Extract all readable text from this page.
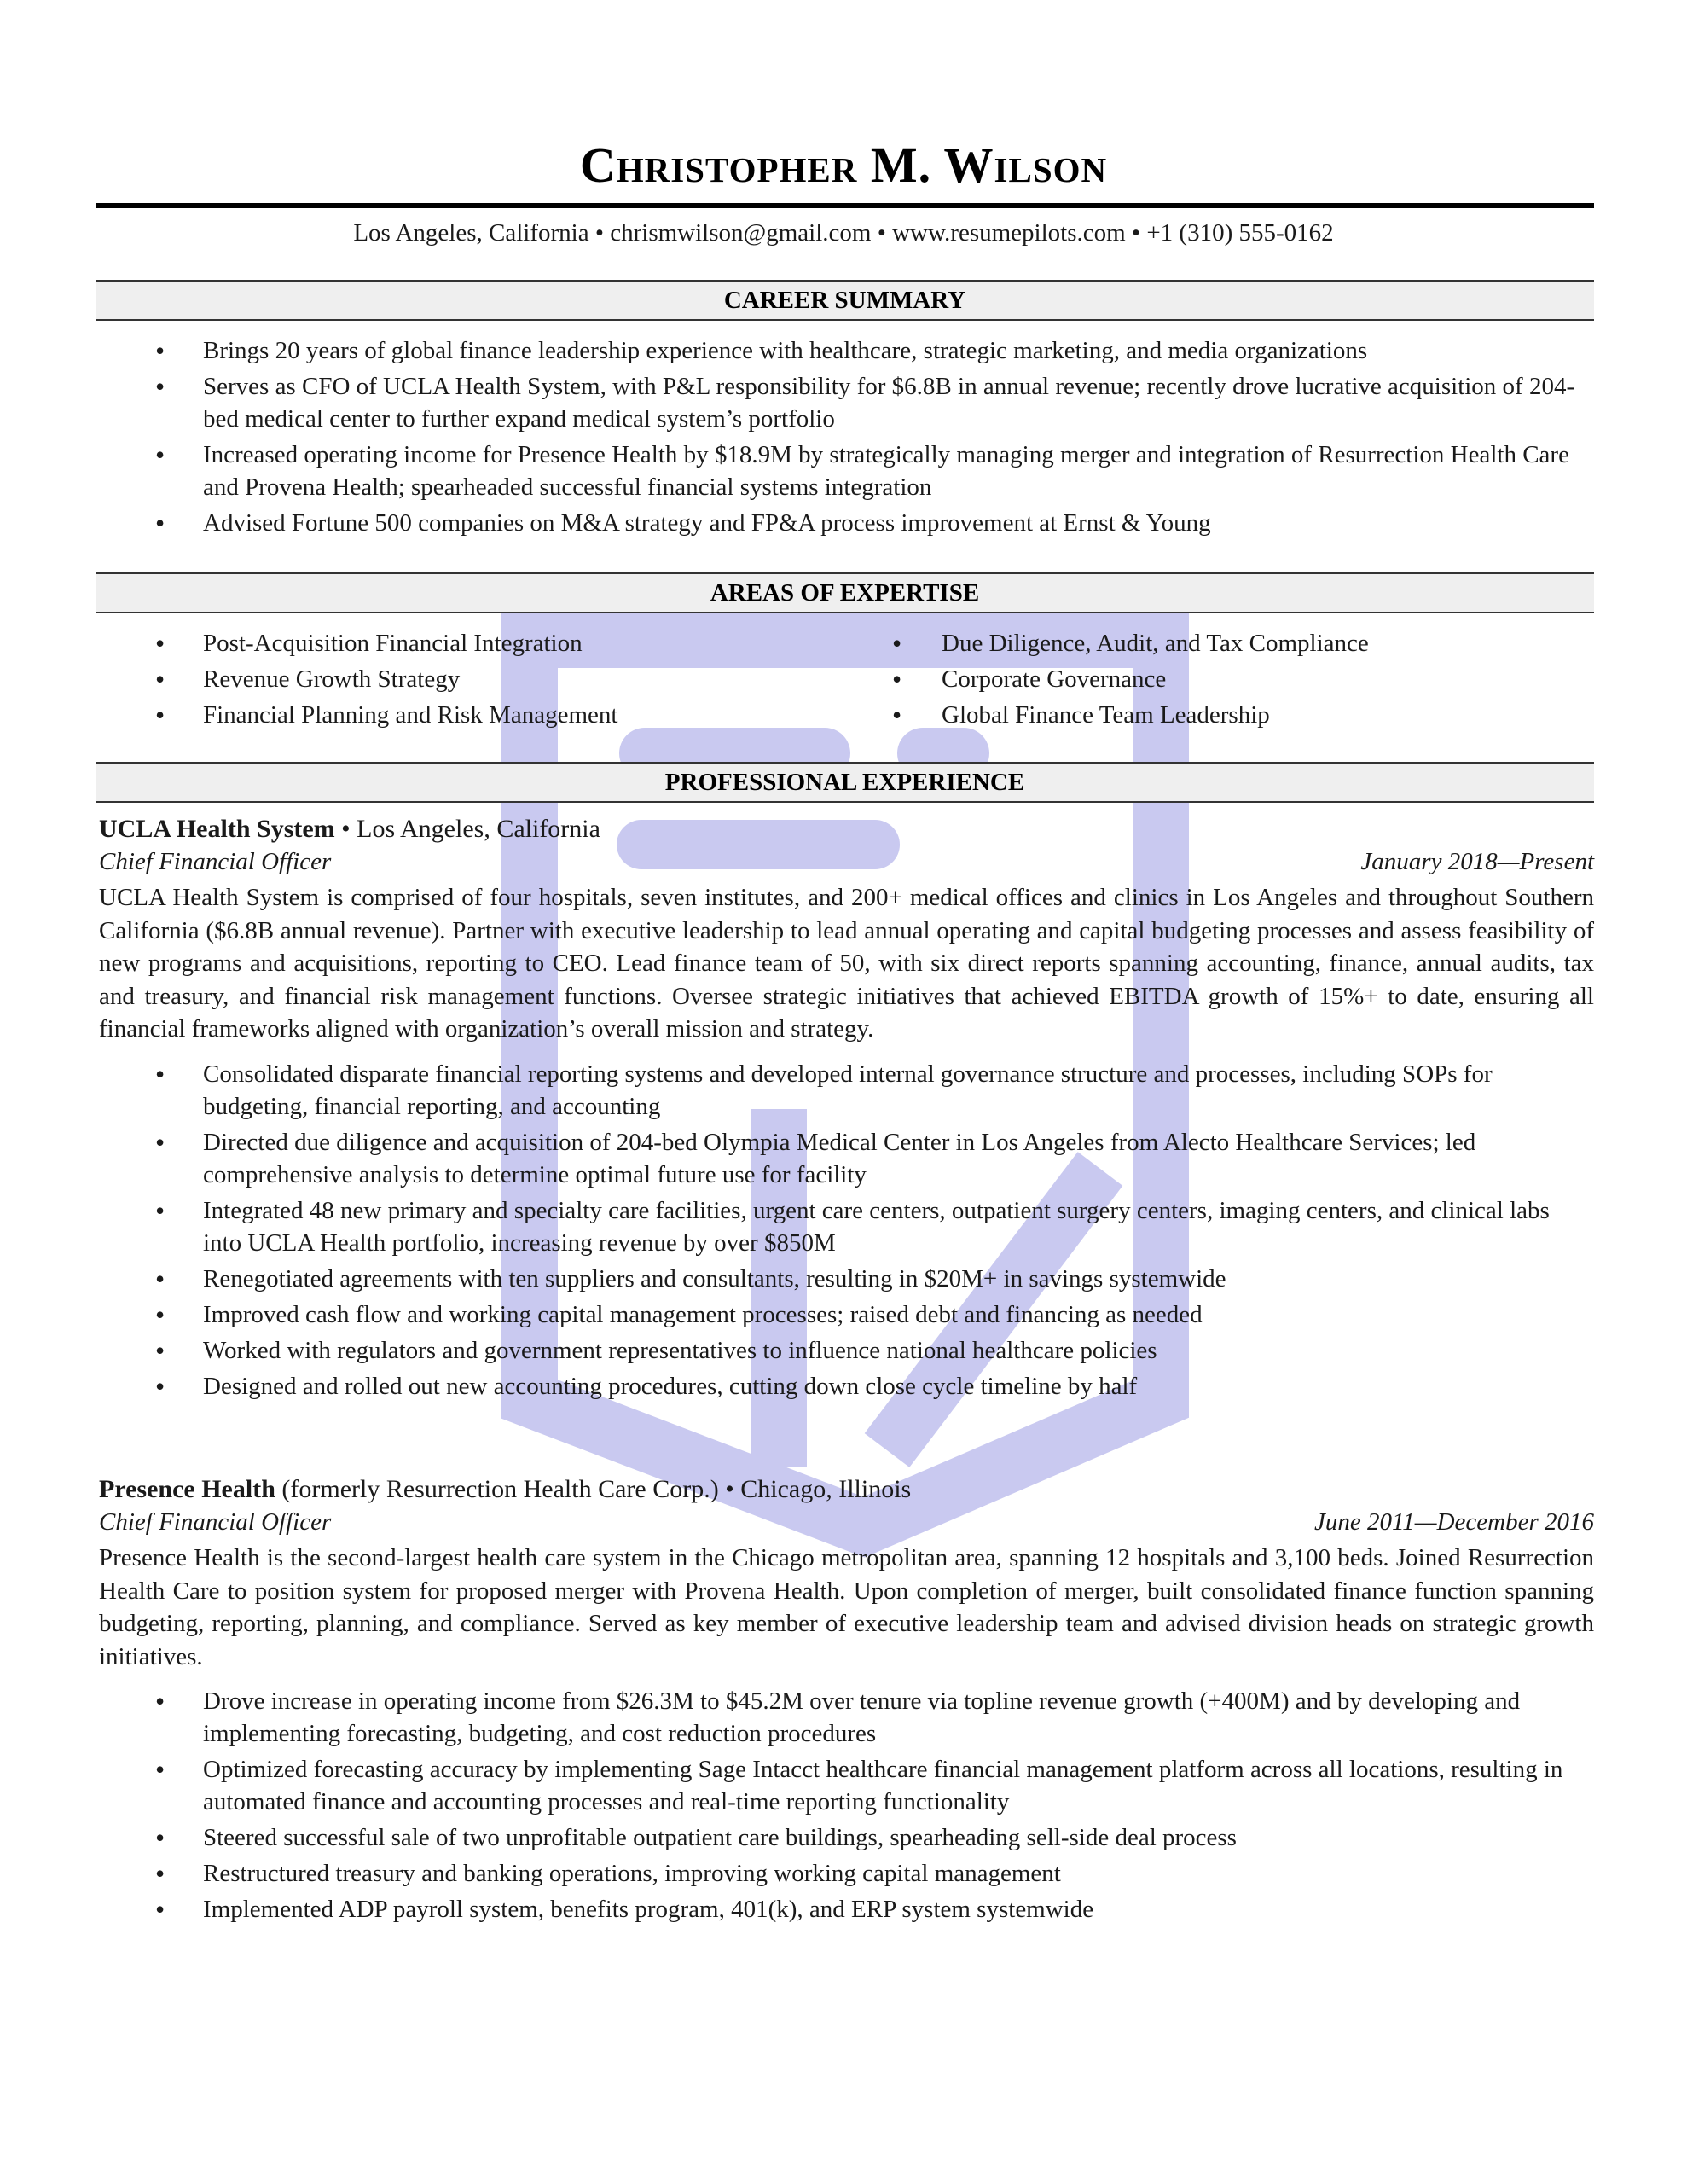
Christopher M. Wilson
Los Angeles, California • chrismwilson@gmail.com • www.resumepilots.com • +1 (310) 555-0162
CAREER SUMMARY
• Brings 20 years of global finance leadership experience with healthcare, strategic marketing, and media organizations
• Serves as CFO of UCLA Health System, with P&L responsibility for $6.8B in annual revenue; recently drove lucrative acquisition of 204-bed medical center to further expand medical system’s portfolio
• Increased operating income for Presence Health by $18.9M by strategically managing merger and integration of Resurrection Health Care and Provena Health; spearheaded successful financial systems integration
• Advised Fortune 500 companies on M&A strategy and FP&A process improvement at Ernst & Young
AREAS OF EXPERTISE
• Post-Acquisition Financial Integration
• Revenue Growth Strategy
• Financial Planning and Risk Management
• Due Diligence, Audit, and Tax Compliance
• Corporate Governance
• Global Finance Team Leadership
PROFESSIONAL EXPERIENCE
UCLA Health System • Los Angeles, California
Chief Financial Officer	January 2018—Present
UCLA Health System is comprised of four hospitals, seven institutes, and 200+ medical offices and clinics in Los Angeles and throughout Southern California ($6.8B annual revenue). Partner with executive leadership to lead annual operating and capital budgeting processes and assess feasibility of new programs and acquisitions, reporting to CEO. Lead finance team of 50, with six direct reports spanning accounting, finance, annual audits, tax and treasury, and financial risk management functions. Oversee strategic initiatives that achieved EBITDA growth of 15%+ to date, ensuring all financial frameworks aligned with organization’s overall mission and strategy.
• Consolidated disparate financial reporting systems and developed internal governance structure and processes, including SOPs for budgeting, financial reporting, and accounting
• Directed due diligence and acquisition of 204-bed Olympia Medical Center in Los Angeles from Alecto Healthcare Services; led comprehensive analysis to determine optimal future use for facility
• Integrated 48 new primary and specialty care facilities, urgent care centers, outpatient surgery centers, imaging centers, and clinical labs into UCLA Health portfolio, increasing revenue by over $850M
• Renegotiated agreements with ten suppliers and consultants, resulting in $20M+ in savings systemwide
• Improved cash flow and working capital management processes; raised debt and financing as needed
• Worked with regulators and government representatives to influence national healthcare policies
• Designed and rolled out new accounting procedures, cutting down close cycle timeline by half
Presence Health (formerly Resurrection Health Care Corp.) • Chicago, Illinois
Chief Financial Officer	June 2011—December 2016
Presence Health is the second-largest health care system in the Chicago metropolitan area, spanning 12 hospitals and 3,100 beds. Joined Resurrection Health Care to position system for proposed merger with Provena Health. Upon completion of merger, built consolidated finance function spanning budgeting, reporting, planning, and compliance. Served as key member of executive leadership team and advised division heads on strategic growth initiatives.
• Drove increase in operating income from $26.3M to $45.2M over tenure via topline revenue growth (+400M) and by developing and implementing forecasting, budgeting, and cost reduction procedures
• Optimized forecasting accuracy by implementing Sage Intacct healthcare financial management platform across all locations, resulting in automated finance and accounting processes and real-time reporting functionality
• Steered successful sale of two unprofitable outpatient care buildings, spearheading sell-side deal process
• Restructured treasury and banking operations, improving working capital management
• Implemented ADP payroll system, benefits program, 401(k), and ERP system systemwide
